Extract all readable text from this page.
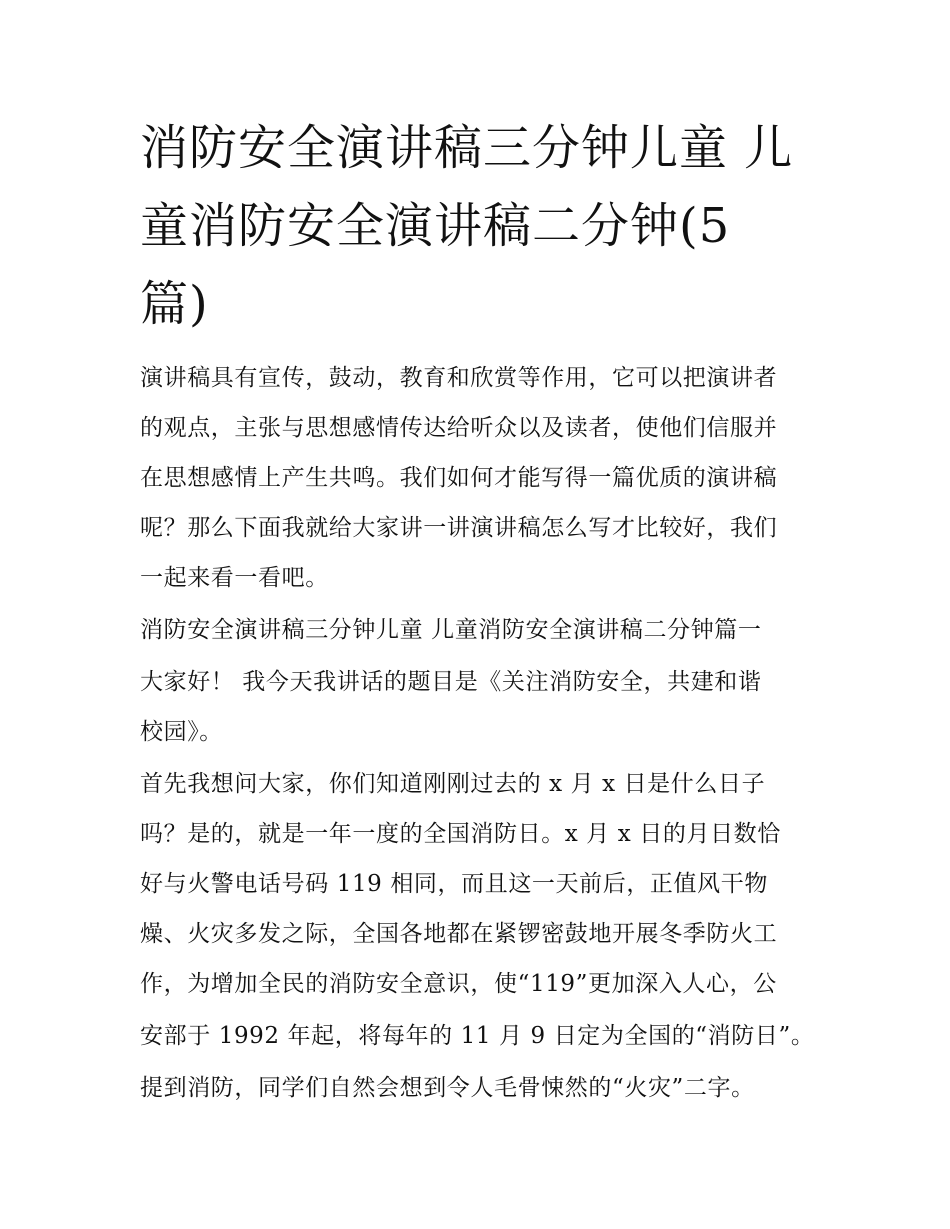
消防安全演讲稿三分钟儿童 儿
童消防安全演讲稿二分钟(5
篇)
演讲稿具有宣传，鼓动，教育和欣赏等作用，它可以把演讲者
的观点，主张与思想感情传达给听众以及读者，使他们信服并
在思想感情上产生共鸣。我们如何才能写得一篇优质的演讲稿
呢？那么下面我就给大家讲一讲演讲稿怎么写才比较好，我们
一起来看一看吧。
消防安全演讲稿三分钟儿童 儿童消防安全演讲稿二分钟篇一
大家好！ 我今天我讲话的题目是《关注消防安全，共建和谐
校园》。
首先我想问大家，你们知道刚刚过去的 x 月 x 日是什么日子
吗？是的，就是一年一度的全国消防日。x 月 x 日的月日数恰
好与火警电话号码 119 相同，而且这一天前后，正值风干物
燥、火灾多发之际，全国各地都在紧锣密鼓地开展冬季防火工
作，为增加全民的消防安全意识，使“119”更加深入人心，公
安部于 1992 年起，将每年的 11 月 9 日定为全国的“消防日”。
提到消防，同学们自然会想到令人毛骨悚然的“火灾”二字。
